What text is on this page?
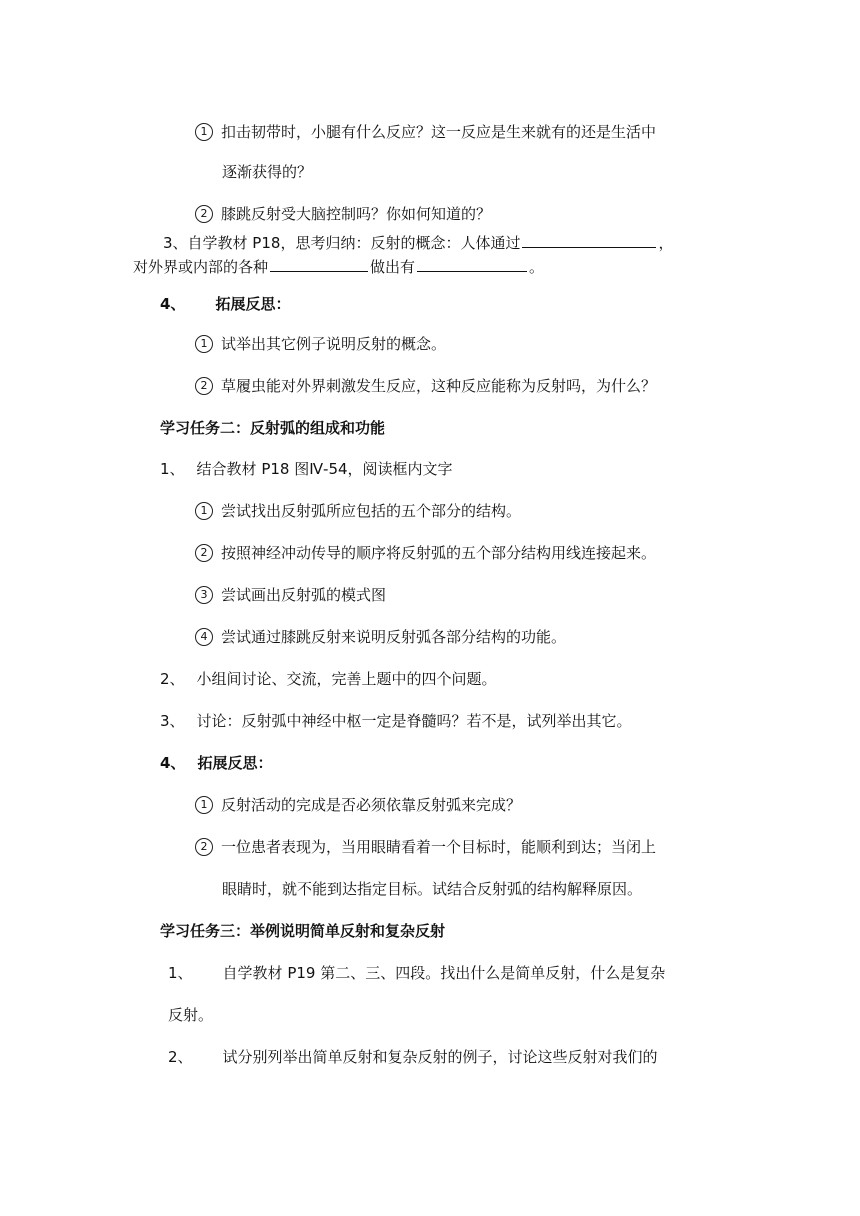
1 扣击韧带时，小腿有什么反应？这一反应是生来就有的还是生活中
逐渐获得的？
2 膝跳反射受大脑控制吗？你如何知道的？
3、自学教材 P18，思考归纳：反射的概念：人体通过	，
对外界或内部的各种	做出有	。
4、 拓展反思：
1 试举出其它例子说明反射的概念。
2 草履虫能对外界刺激发生反应，这种反应能称为反射吗，为什么？
学习任务二：反射弧的组成和功能
1、 结合教材 P18 图Ⅳ-54，阅读框内文字
1 尝试找出反射弧所应包括的五个部分的结构。
2 按照神经冲动传导的顺序将反射弧的五个部分结构用线连接起来。
3 尝试画出反射弧的模式图
4 尝试通过膝跳反射来说明反射弧各部分结构的功能。
2、 小组间讨论、交流，完善上题中的四个问题。
3、 讨论：反射弧中神经中枢一定是脊髓吗？若不是，试列举出其它。
4、 拓展反思：
1 反射活动的完成是否必须依靠反射弧来完成？
2 一位患者表现为，当用眼睛看着一个目标时，能顺利到达；当闭上
眼睛时，就不能到达指定目标。试结合反射弧的结构解释原因。
学习任务三：举例说明简单反射和复杂反射
1、 自学教材 P19 第二、三、四段。找出什么是简单反射，什么是复杂
反射。
2、 试分别列举出简单反射和复杂反射的例子，讨论这些反射对我们的
